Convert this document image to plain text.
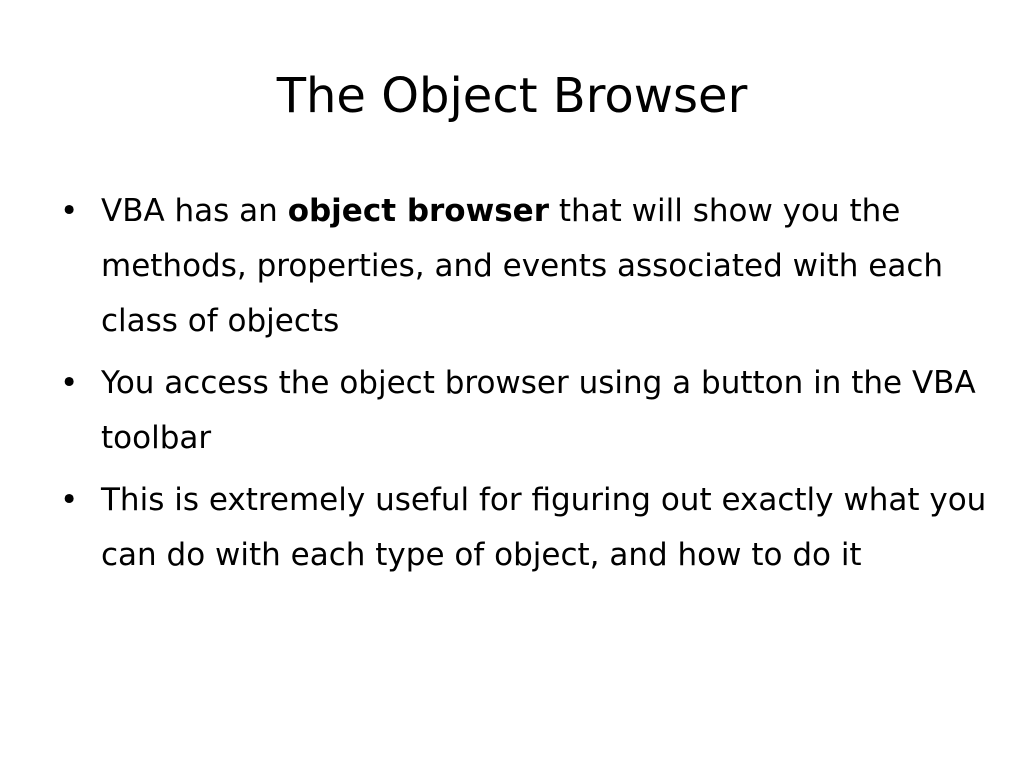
The Object Browser
• VBA has an object browser that will show you the methods, properties, and events associated with each class of objects
• You access the object browser using a button in the VBA toolbar
• This is extremely useful for figuring out exactly what you can do with each type of object, and how to do it
